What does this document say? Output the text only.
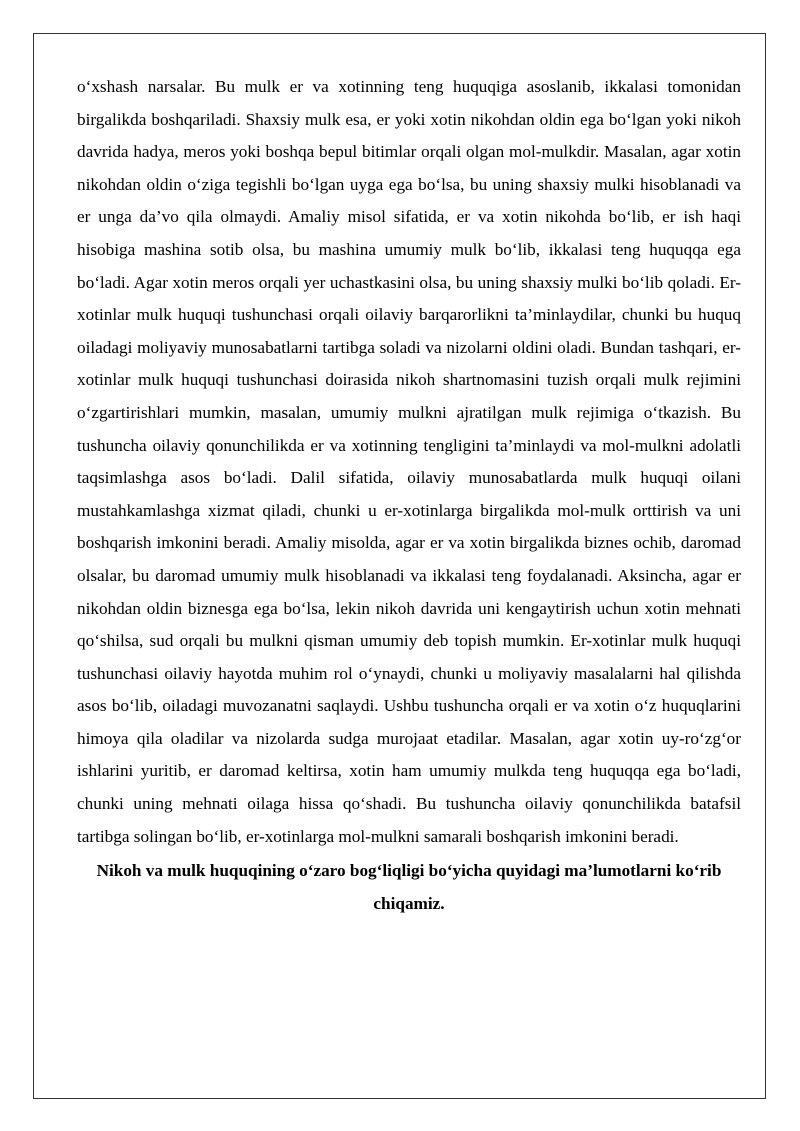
o‘xshash narsalar. Bu mulk er va xotinning teng huquqiga asoslanib, ikkalasi tomonidan birgalikda boshqariladi. Shaxsiy mulk esa, er yoki xotin nikohdan oldin ega bo‘lgan yoki nikoh davrida hadya, meros yoki boshqa bepul bitimlar orqali olgan mol-mulkdir. Masalan, agar xotin nikohdan oldin o‘ziga tegishli bo‘lgan uyga ega bo‘lsa, bu uning shaxsiy mulki hisoblanadi va er unga da’vo qila olmaydi. Amaliy misol sifatida, er va xotin nikohda bo‘lib, er ish haqi hisobiga mashina sotib olsa, bu mashina umumiy mulk bo‘lib, ikkalasi teng huquqqa ega bo‘ladi. Agar xotin meros orqali yer uchastkasini olsa, bu uning shaxsiy mulki bo‘lib qoladi. Er-xotinlar mulk huquqi tushunchasi orqali oilaviy barqarorlikni ta’minlaydilar, chunki bu huquq oiladagi moliyaviy munosabatlarni tartibga soladi va nizolarni oldini oladi. Bundan tashqari, er-xotinlar mulk huquqi tushunchasi doirasida nikoh shartnomasini tuzish orqali mulk rejimini o‘zgartirishlari mumkin, masalan, umumiy mulkni ajratilgan mulk rejimiga o‘tkazish. Bu tushuncha oilaviy qonunchilikda er va xotinning tengligini ta’minlaydi va mol-mulkni adolatli taqsimlashga asos bo‘ladi. Dalil sifatida, oilaviy munosabatlarda mulk huquqi oilani mustahkamlashga xizmat qiladi, chunki u er-xotinlarga birgalikda mol-mulk orttirish va uni boshqarish imkonini beradi. Amaliy misolda, agar er va xotin birgalikda biznes ochib, daromad olsalar, bu daromad umumiy mulk hisoblanadi va ikkalasi teng foydalanadi. Aksincha, agar er nikohdan oldin biznesga ega bo‘lsa, lekin nikoh davrida uni kengaytirish uchun xotin mehnati qo‘shilsa, sud orqali bu mulkni qisman umumiy deb topish mumkin. Er-xotinlar mulk huquqi tushunchasi oilaviy hayotda muhim rol o‘ynaydi, chunki u moliyaviy masalalarni hal qilishda asos bo‘lib, oiladagi muvozanatni saqlaydi. Ushbu tushuncha orqali er va xotin o‘z huquqlarini himoya qila oladilar va nizolarda sudga murojaat etadilar. Masalan, agar xotin uy-ro‘zg‘or ishlarini yuritib, er daromad keltirsa, xotin ham umumiy mulkda teng huquqqa ega bo‘ladi, chunki uning mehnati oilaga hissa qo‘shadi. Bu tushuncha oilaviy qonunchilikda batafsil tartibga solingan bo‘lib, er-xotinlarga mol-mulkni samarali boshqarish imkonini beradi.

Nikoh va mulk huquqining o‘zaro bog‘liqligi bo‘yicha quyidagi ma’lumotlarni ko‘rib chiqamiz.
